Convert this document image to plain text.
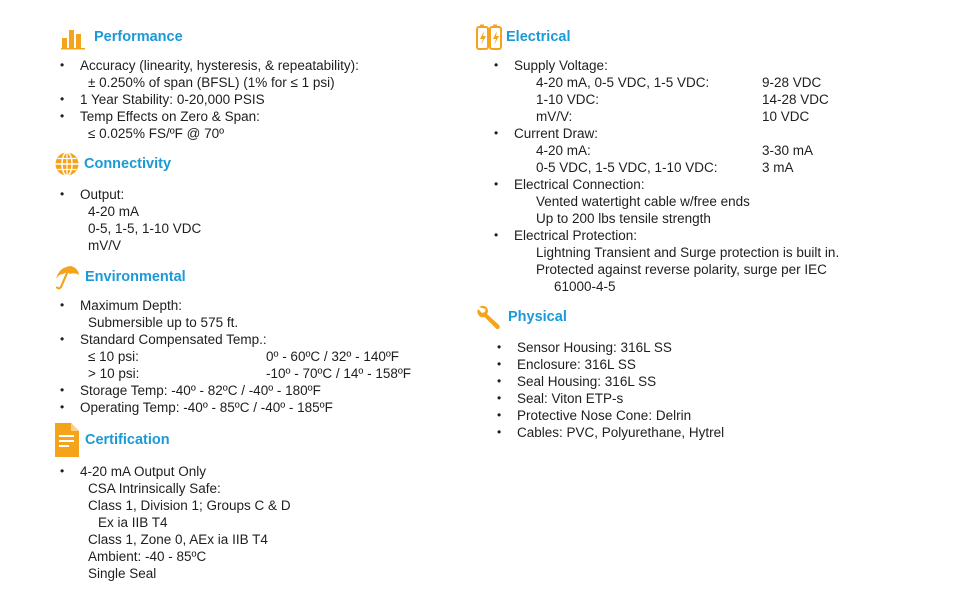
Performance
• Accuracy (linearity, hysteresis, & repeatability):
± 0.250% of span (BFSL) (1% for ≤ 1 psi)
• 1 Year Stability: 0-20,000 PSIS
• Temp Effects on Zero & Span:
≤ 0.025% FS/ºF @ 70º
Connectivity
• Output:
4-20 mA
0-5, 1-5, 1-10 VDC
mV/V
Environmental
• Maximum Depth:
Submersible up to 575 ft.
• Standard Compensated Temp.:
≤ 10 psi:	0º - 60ºC / 32º - 140ºF
> 10 psi:	-10º - 70ºC / 14º - 158ºF
• Storage Temp: -40º - 82ºC / -40º - 180ºF
• Operating Temp: -40º - 85ºC / -40º - 185ºF
Certification
• 4-20 mA Output Only
CSA Intrinsically Safe:
Class 1, Division 1; Groups C & D
Ex ia IIB T4
Class 1, Zone 0, AEx ia IIB T4
Ambient: -40 - 85ºC
Single Seal
Electrical
• Supply Voltage:
4-20 mA, 0-5 VDC, 1-5 VDC:	9-28 VDC
1-10 VDC:	14-28 VDC
mV/V:	10 VDC
• Current Draw:
4-20 mA:	3-30 mA
0-5 VDC, 1-5 VDC, 1-10 VDC:	3 mA
• Electrical Connection:
Vented watertight cable w/free ends
Up to 200 lbs tensile strength
• Electrical Protection:
Lightning Transient and Surge protection is built in.
Protected against reverse polarity, surge per IEC
61000-4-5
Physical
• Sensor Housing: 316L SS
• Enclosure: 316L SS
• Seal Housing: 316L SS
• Seal: Viton ETP-s
• Protective Nose Cone: Delrin
• Cables: PVC, Polyurethane, Hytrel
